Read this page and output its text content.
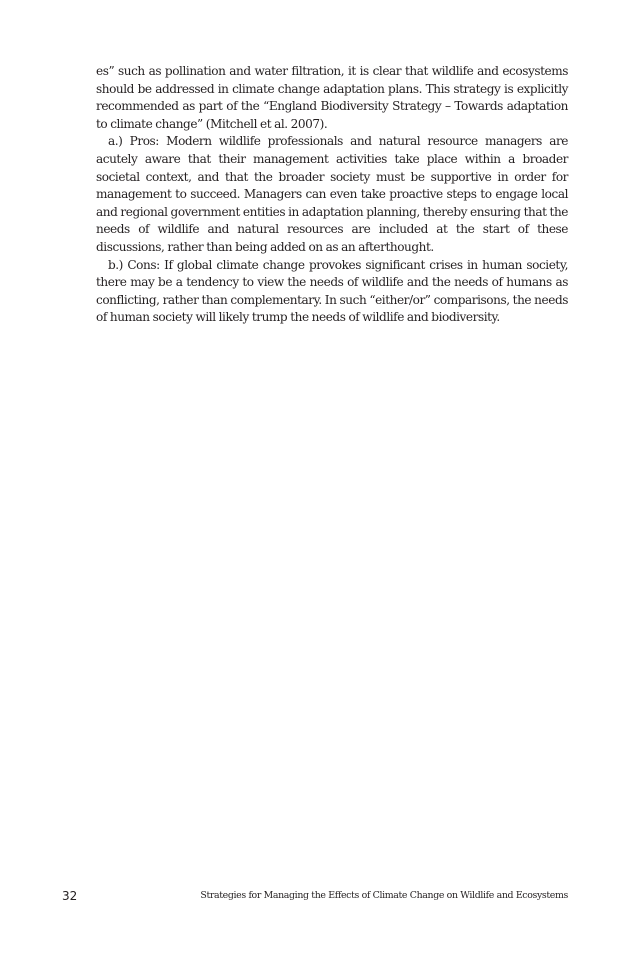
es” such as pollination and water filtration, it is clear that wildlife and ecosystems should be addressed in climate change adaptation plans. This strategy is explicitly recommended as part of the “England Biodiversity Strategy – Towards adaptation to climate change” (Mitchell et al. 2007).

a.) Pros: Modern wildlife professionals and natural resource managers are acutely aware that their management activities take place within a broader societal context, and that the broader society must be supportive in order for management to succeed. Managers can even take proactive steps to engage local and regional government entities in adaptation planning, thereby ensuring that the needs of wildlife and natural resources are included at the start of these discussions, rather than being added on as an afterthought.

b.) Cons: If global climate change provokes significant crises in human society, there may be a tendency to view the needs of wildlife and the needs of humans as conflicting, rather than complementary. In such “either/or” comparisons, the needs of human society will likely trump the needs of wildlife and biodiversity.

32	Strategies for Managing the Effects of Climate Change on Wildlife and Ecosystems
